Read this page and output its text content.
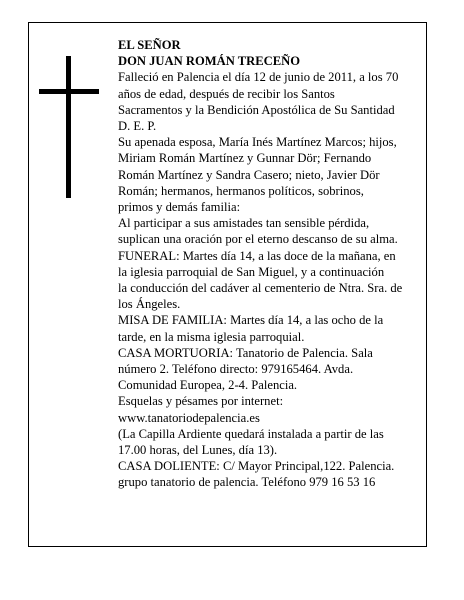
EL SEÑOR

DON JUAN ROMÁN TRECEÑO

Falleció en Palencia el día 12 de junio de 2011, a los 70
años de edad, después de recibir los Santos
Sacramentos y la Bendición Apostólica de Su Santidad
D. E. P.

Su apenada esposa, María Inés Martínez Marcos; hijos,
Miriam Román Martínez y Gunnar Dör; Fernando
Román Martínez y Sandra Casero; nieto, Javier Dör
Román; hermanos, hermanos políticos, sobrinos,
primos y demás familia:

Al participar a sus amistades tan sensible pérdida,
suplican una oración por el eterno descanso de su alma.

FUNERAL: Martes día 14, a las doce de la mañana, en
la iglesia parroquial de San Miguel, y a continuación
la conducción del cadáver al cementerio de Ntra. Sra. de
los Ángeles.

MISA DE FAMILIA: Martes día 14, a las ocho de la
tarde, en la misma iglesia parroquial.

CASA MORTUORIA: Tanatorio de Palencia. Sala
número 2. Teléfono directo: 979165464. Avda.
Comunidad Europea, 2-4. Palencia.

Esquelas y pésames por internet:
www.tanatoriodepalencia.es

(La Capilla Ardiente quedará instalada a partir de las
17.00 horas, del Lunes, día 13).

CASA DOLIENTE: C/ Mayor Principal,122. Palencia.
grupo tanatorio de palencia. Teléfono 979 16 53 16
